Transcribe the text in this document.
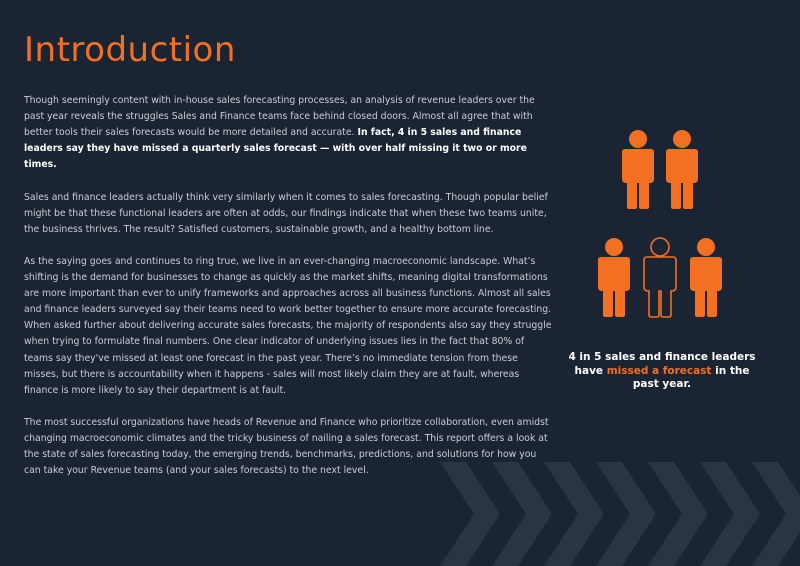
Introduction

Though seemingly content with in-house sales forecasting processes, an analysis of revenue leaders over the past year reveals the struggles Sales and Finance teams face behind closed doors. Almost all agree that with better tools their sales forecasts would be more detailed and accurate. In fact, 4 in 5 sales and finance leaders say they have missed a quarterly sales forecast — with over half missing it two or more times.

Sales and finance leaders actually think very similarly when it comes to sales forecasting. Though popular belief might be that these functional leaders are often at odds, our findings indicate that when these two teams unite, the business thrives. The result? Satisfied customers, sustainable growth, and a healthy bottom line.

As the saying goes and continues to ring true, we live in an ever-changing macroeconomic landscape. What’s shifting is the demand for businesses to change as quickly as the market shifts, meaning digital transformations are more important than ever to unify frameworks and approaches across all business functions. Almost all sales and finance leaders surveyed say their teams need to work better together to ensure more accurate forecasting. When asked further about delivering accurate sales forecasts, the majority of respondents also say they struggle when trying to formulate final numbers. One clear indicator of underlying issues lies in the fact that 80% of teams say they've missed at least one forecast in the past year. There’s no immediate tension from these misses, but there is accountability when it happens - sales will most likely claim they are at fault, whereas finance is more likely to say their department is at fault.

The most successful organizations have heads of Revenue and Finance who prioritize collaboration, even amidst changing macroeconomic climates and the tricky business of nailing a sales forecast. This report offers a look at the state of sales forecasting today, the emerging trends, benchmarks, predictions, and solutions for how you can take your Revenue teams (and your sales forecasts) to the next level.

4 in 5 sales and finance leaders have missed a forecast in the past year.
